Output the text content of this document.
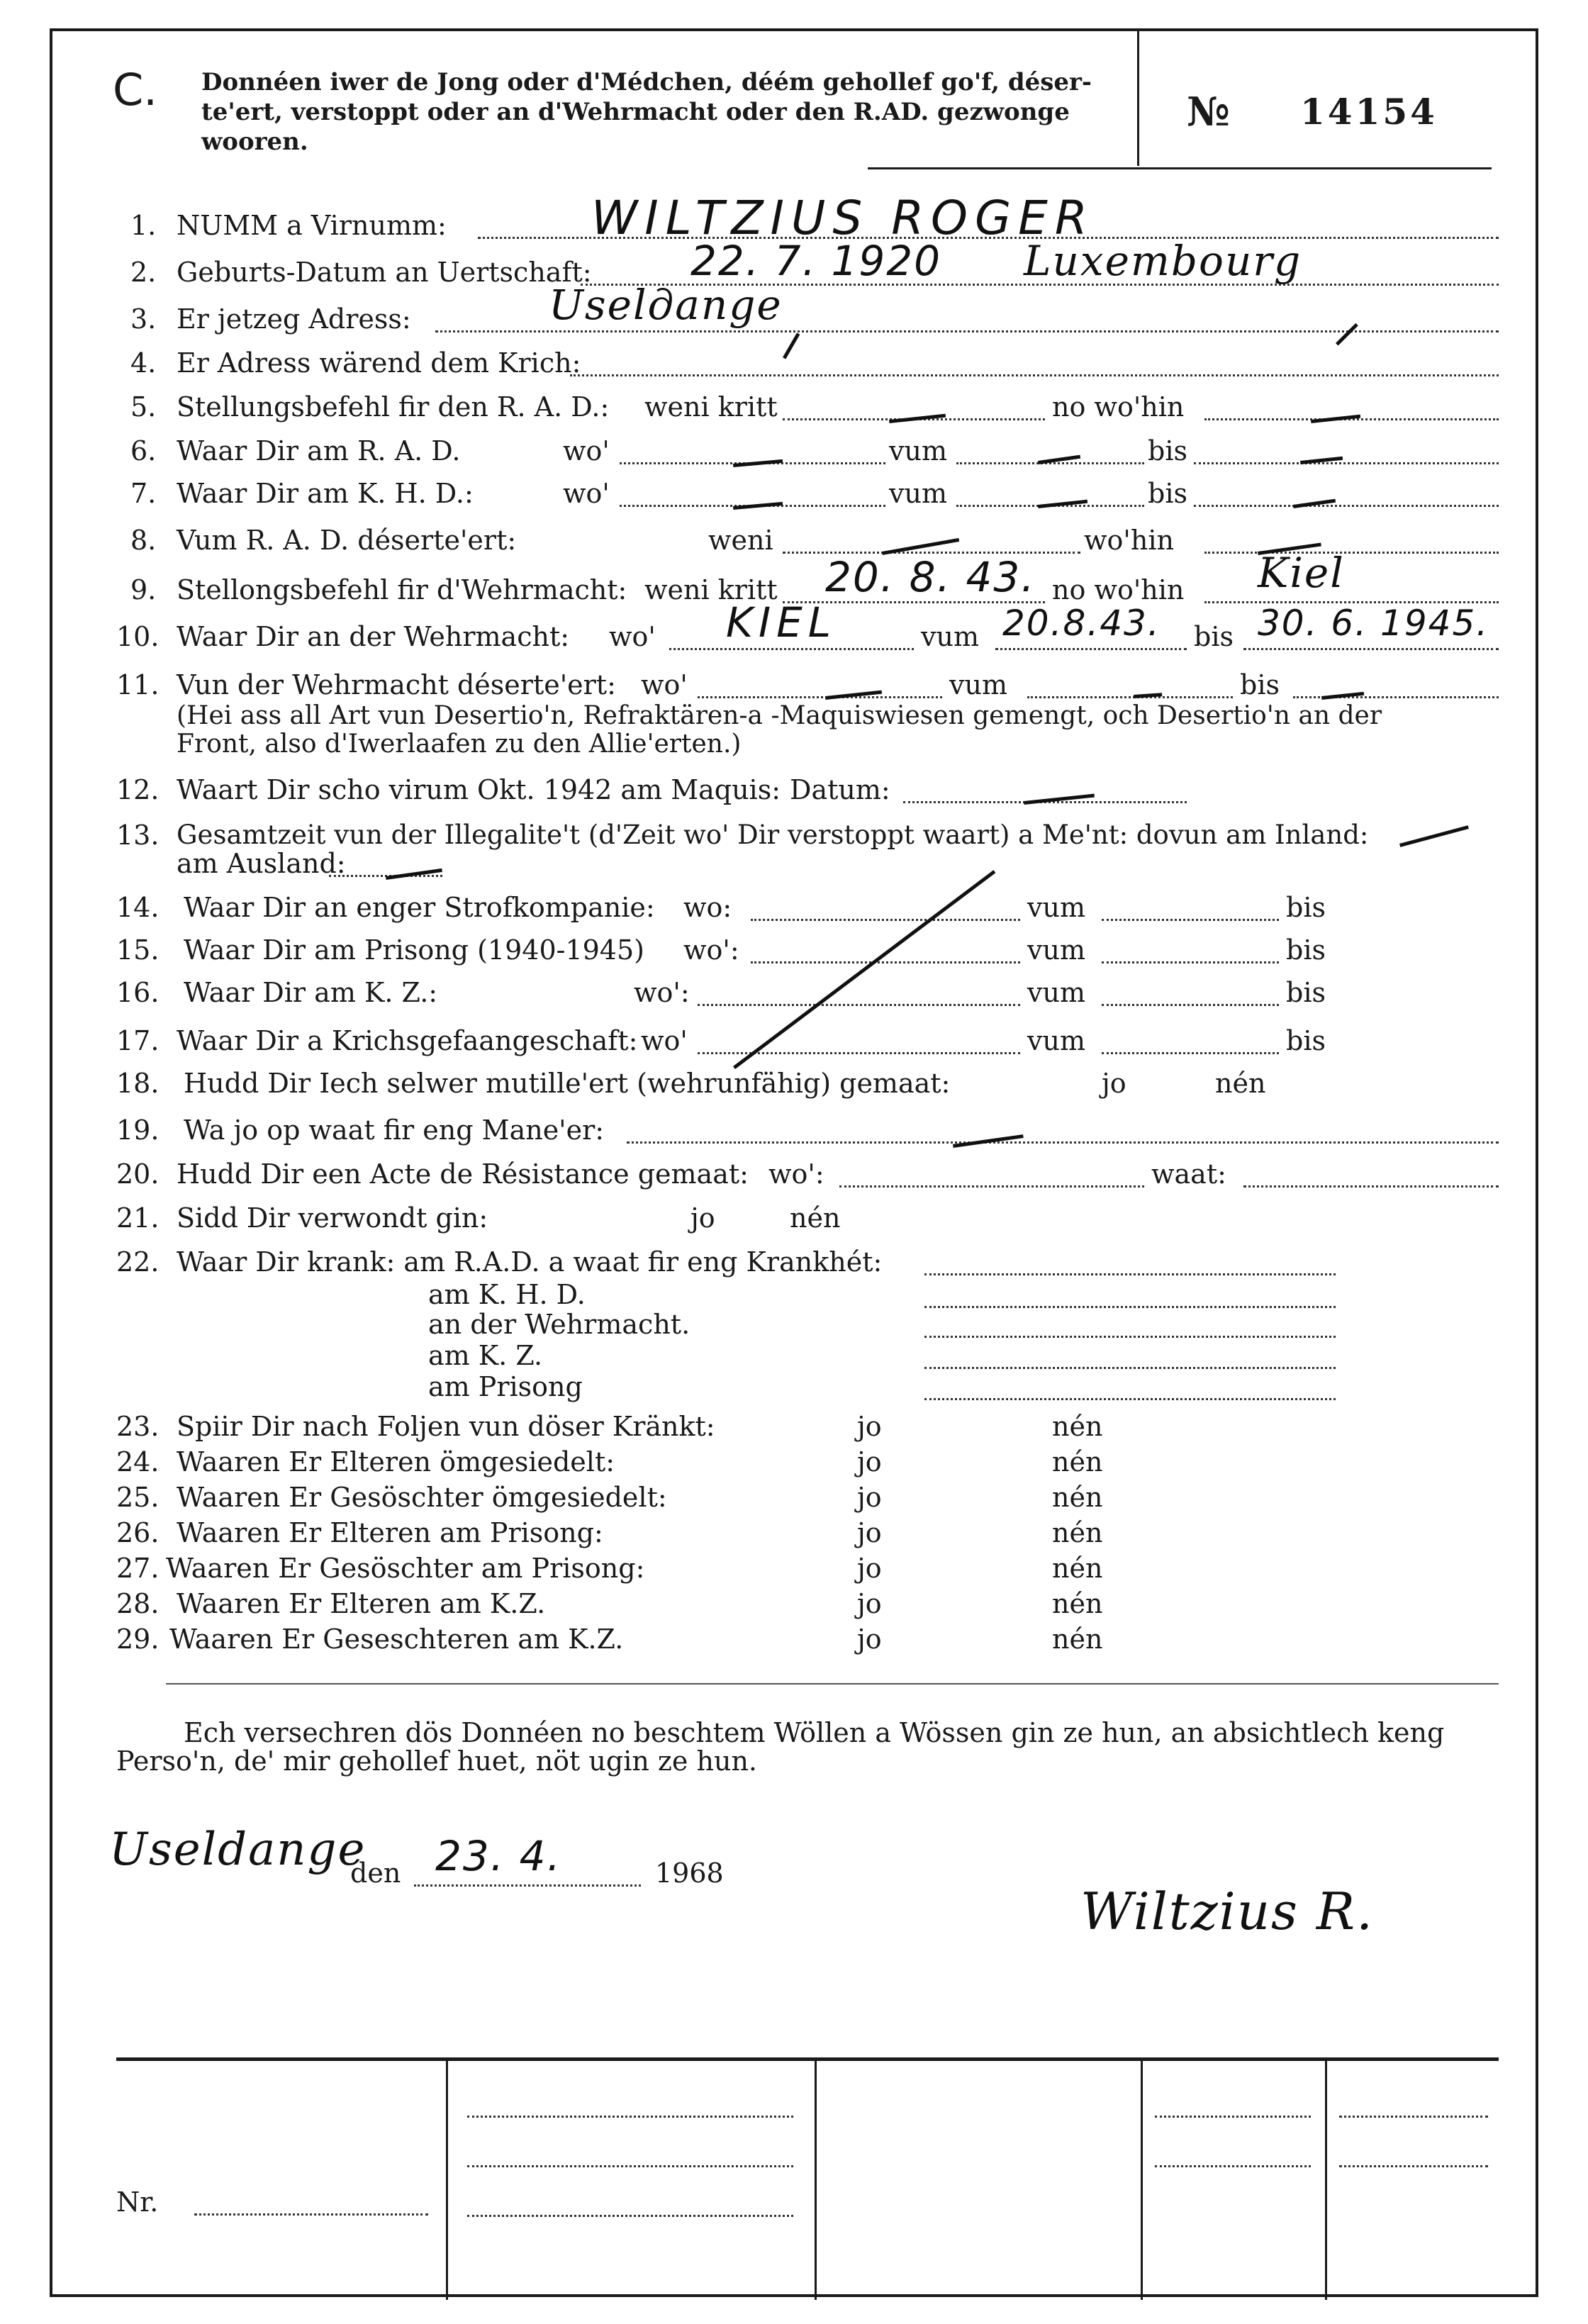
C. Donnéen iwer de Jong oder d'Médchen, déém gehollef go'f, déser-
te'ert, verstoppt oder an d'Wehrmacht oder den R.AD. gezwonge
wooren.
№ 14154
1. NUMM a Virnumm:	WILTZIUS ROGER
2. Geburts-Datum an Uertschaft: 22. 7. 1920 Luxembourg
3. Er jetzeg Adress:	Uselдange
4. Er Adress wärend dem Krich:
5. Stellungsbefehl fir den R. A. D.: weni kritt	no wo'hin
6. Waar Dir am R. A. D.	wo'	vum	bis
7. Waar Dir am K. H. D.:	wo'	vum	bis
8. Vum R. A. D. déserte'ert:	weni	wo'hin
9. Stellongsbefehl fir d'Wehrmacht: weni kritt 20. 8. 43. no wo'hin Kiel
10. Waar Dir an der Wehrmacht: wo' KIEL	vum 20.8.43. bis 30. 6. 1945.
11. Vun der Wehrmacht déserte'ert: wo'	vum	bis
(Hei ass all Art vun Desertio'n, Refraktären-a -Maquiswiesen gemengt, och Desertio'n an der
Front, also d'Iwerlaafen zu den Allie'erten.)
12. Waart Dir scho virum Okt. 1942 am Maquis: Datum:
13. Gesamtzeit vun der Illegalite't (d'Zeit wo' Dir verstoppt waart) a Me'nt: dovun am Inland:
am Ausland:
14. Waar Dir an enger Strofkompanie: wo:	vum	bis
15. Waar Dir am Prisong (1940-1945) wo':	vum	bis
16. Waar Dir am K. Z.:	wo':	vum	bis
17. Waar Dir a Krichsgefaangeschaft: wo'	vum	bis
18. Hudd Dir Iech selwer mutille'ert (wehrunfähig) gemaat:	jo	nén
19. Wa jo op waat fir eng Mane'er:
20. Hudd Dir een Acte de Résistance gemaat: wo':	waat:
21. Sidd Dir verwondt gin:	jo	nén
22. Waar Dir krank: am R.A.D. a waat fir eng Krankhét:
am K. H. D.
an der Wehrmacht.
am K. Z.
am Prisong
23. Spiir Dir nach Foljen vun döser Kränkt:	jo	nén
24. Waaren Er Elteren ömgesiedelt:	jo	nén
25. Waaren Er Gesöschter ömgesiedelt:	jo	nén
26. Waaren Er Elteren am Prisong:	jo	nén
27. Waaren Er Gesöschter am Prisong:	jo	nén
28. Waaren Er Elteren am K.Z.	jo	nén
29. Waaren Er Geseschteren am K.Z.	jo	nén
Ech versechren dös Donnéen no beschtem Wöllen a Wössen gin ze hun, an absichtlech keng
Perso'n, de' mir gehollef huet, nöt ugin ze hun.
Useldange
den 23. 4.	1968
Wiltzius R.
Nr.
